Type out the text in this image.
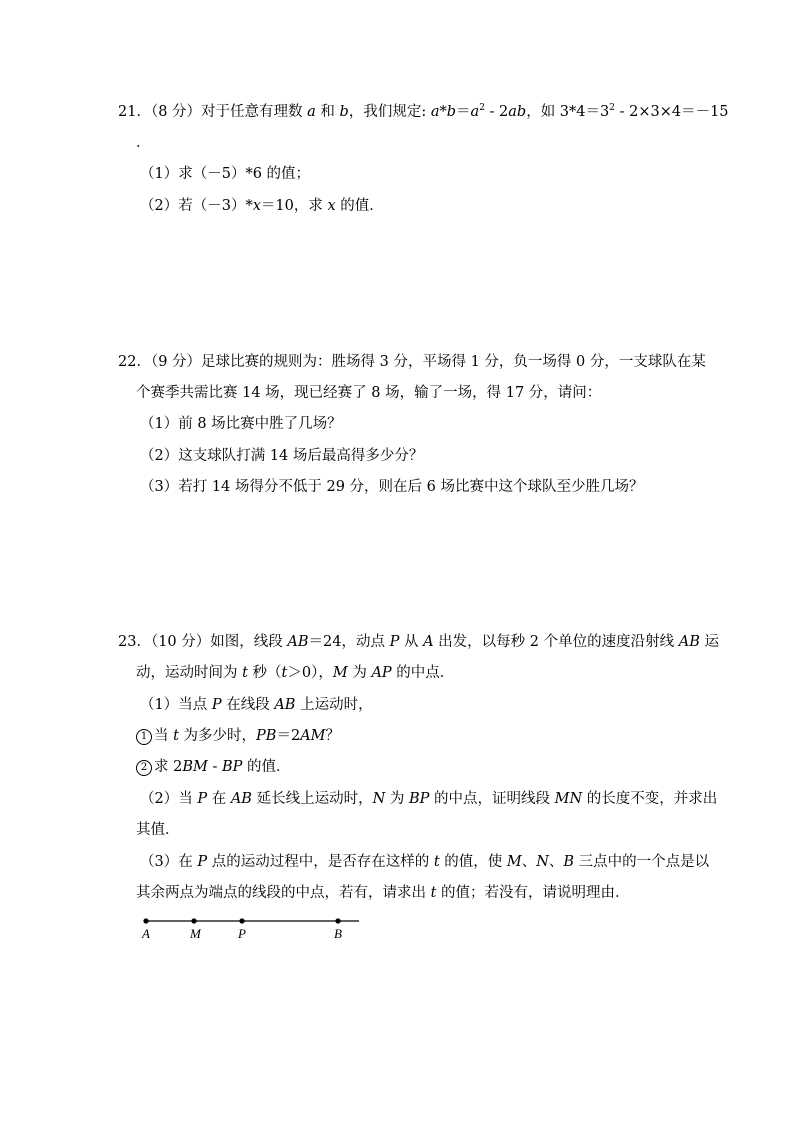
21．（8 分）对于任意有理数 a 和 b，我们规定: $a*b=a^2 - 2ab$，如 $3*4=3^2 - 2\times 3\times 4=-15$
．
（1）求（－5）*6 的值；
（2）若（－3）*x＝10，求 x 的值．
22．（9 分）足球比赛的规则为：胜场得 3 分，平场得 1 分，负一场得 0 分，一支球队在某
个赛季共需比赛 14 场，现已经赛了 8 场，输了一场，得 17 分，请问：
（1）前 8 场比赛中胜了几场？
（2）这支球队打满 14 场后最高得多少分？
（3）若打 14 场得分不低于 29 分，则在后 6 场比赛中这个球队至少胜几场？
23．（10 分）如图，线段 AB＝24，动点 P 从 A 出发，以每秒 2 个单位的速度沿射线 AB 运
动，运动时间为 t 秒（t＞0），M 为 AP 的中点．
（1）当点 P 在线段 AB 上运动时，
1 当 t 为多少时，PB＝2AM？
2 求 2BM - BP 的值．
（2）当 P 在 AB 延长线上运动时，N 为 BP 的中点，证明线段 MN 的长度不变，并求出
其值．
（3）在 P 点的运动过程中，是否存在这样的 t 的值，使 M、N、B 三点中的一个点是以
其余两点为端点的线段的中点，若有，请求出 t 的值；若没有，请说明理由．
A	M	P	B
